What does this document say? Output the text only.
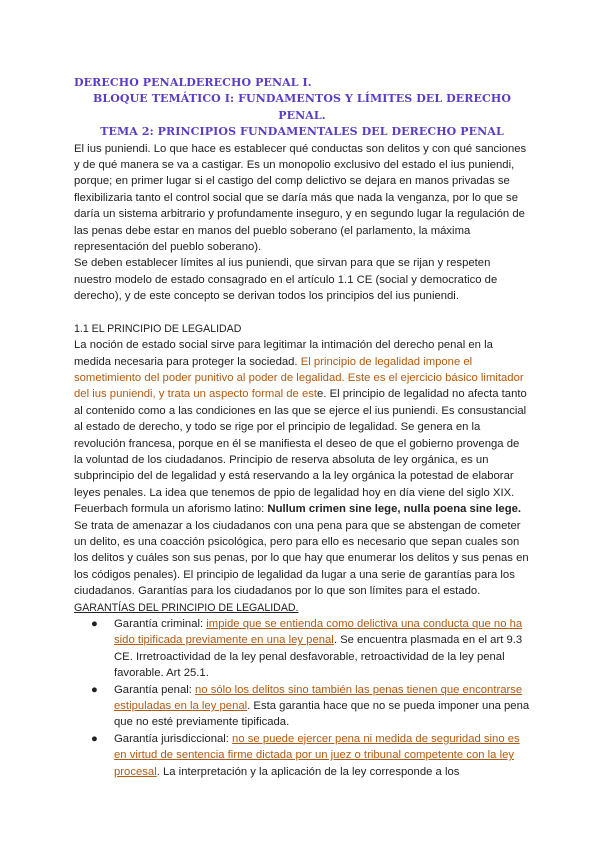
DERECHO PENALDERECHO PENAL I.

BLOQUE TEMÁTICO I: FUNDAMENTOS Y LÍMITES DEL DERECHO PENAL.

TEMA 2: PRINCIPIOS FUNDAMENTALES DEL DERECHO PENAL

El ius puniendi. Lo que hace es establecer qué conductas son delitos y con qué sanciones y de qué manera se va a castigar. Es un monopolio exclusivo del estado el ius puniendi, porque; en primer lugar si el castigo del comp delictivo se dejara en manos privadas se flexibilizaria tanto el control social que se daría más que nada la venganza, por lo que se daría un sistema arbitrario y profundamente inseguro, y en segundo lugar la regulación de las penas debe estar en manos del pueblo soberano (el parlamento, la máxima representación del pueblo soberano).

Se deben establecer límites al ius puniendi, que sirvan para que se rijan y respeten nuestro modelo de estado consagrado en el artículo 1.1 CE (social y democratico de derecho), y de este concepto se derivan todos los principios del ius puniendi.

1.1 EL PRINCIPIO DE LEGALIDAD

La noción de estado social sirve para legitimar la intimación del derecho penal en la medida necesaria para proteger la sociedad. El principio de legalidad impone el sometimiento del poder punitivo al poder de legalidad. Este es el ejercicio básico limitador del ius puniendi, y trata un aspecto formal de este. El principio de legalidad no afecta tanto al contenido como a las condiciones en las que se ejerce el ius puniendi. Es consustancial al estado de derecho, y todo se rige por el principio de legalidad. Se genera en la revolución francesa, porque en él se manifiesta el deseo de que el gobierno provenga de la voluntad de los ciudadanos. Principio de reserva absoluta de ley orgánica, es un subprincipio del de legalidad y está reservando a la ley orgánica la potestad de elaborar leyes penales. La idea que tenemos de ppio de legalidad hoy en día viene del siglo XIX. Feuerbach formula un aforismo latino: Nullum crimen sine lege, nulla poena sine lege. Se trata de amenazar a los ciudadanos con una pena para que se abstengan de cometer un delito, es una coacción psicológica, pero para ello es necesario que sepan cuales son los delitos y cuáles son sus penas, por lo que hay que enumerar los delitos y sus penas en los códigos penales). El principio de legalidad da lugar a una serie de garantías para los ciudadanos. Garantías para los ciudadanos por lo que son límites para el estado.

GARANTÍAS DEL PRINCIPIO DE LEGALIDAD.

● Garantía criminal: impide que se entienda como delictiva una conducta que no ha sido tipificada previamente en una ley penal. Se encuentra plasmada en el art 9.3 CE. Irretroactividad de la ley penal desfavorable, retroactividad de la ley penal favorable. Art 25.1.
● Garantía penal: no sólo los delitos sino también las penas tienen que encontrarse estipuladas en la ley penal. Esta garantia hace que no se pueda imponer una pena que no esté previamente tipificada.
● Garantía jurisdiccional: no se puede ejercer pena ni medida de seguridad sino es en virtud de sentencia firme dictada por un juez o tribunal competente con la ley procesal. La interpretación y la aplicación de la ley corresponde a los
